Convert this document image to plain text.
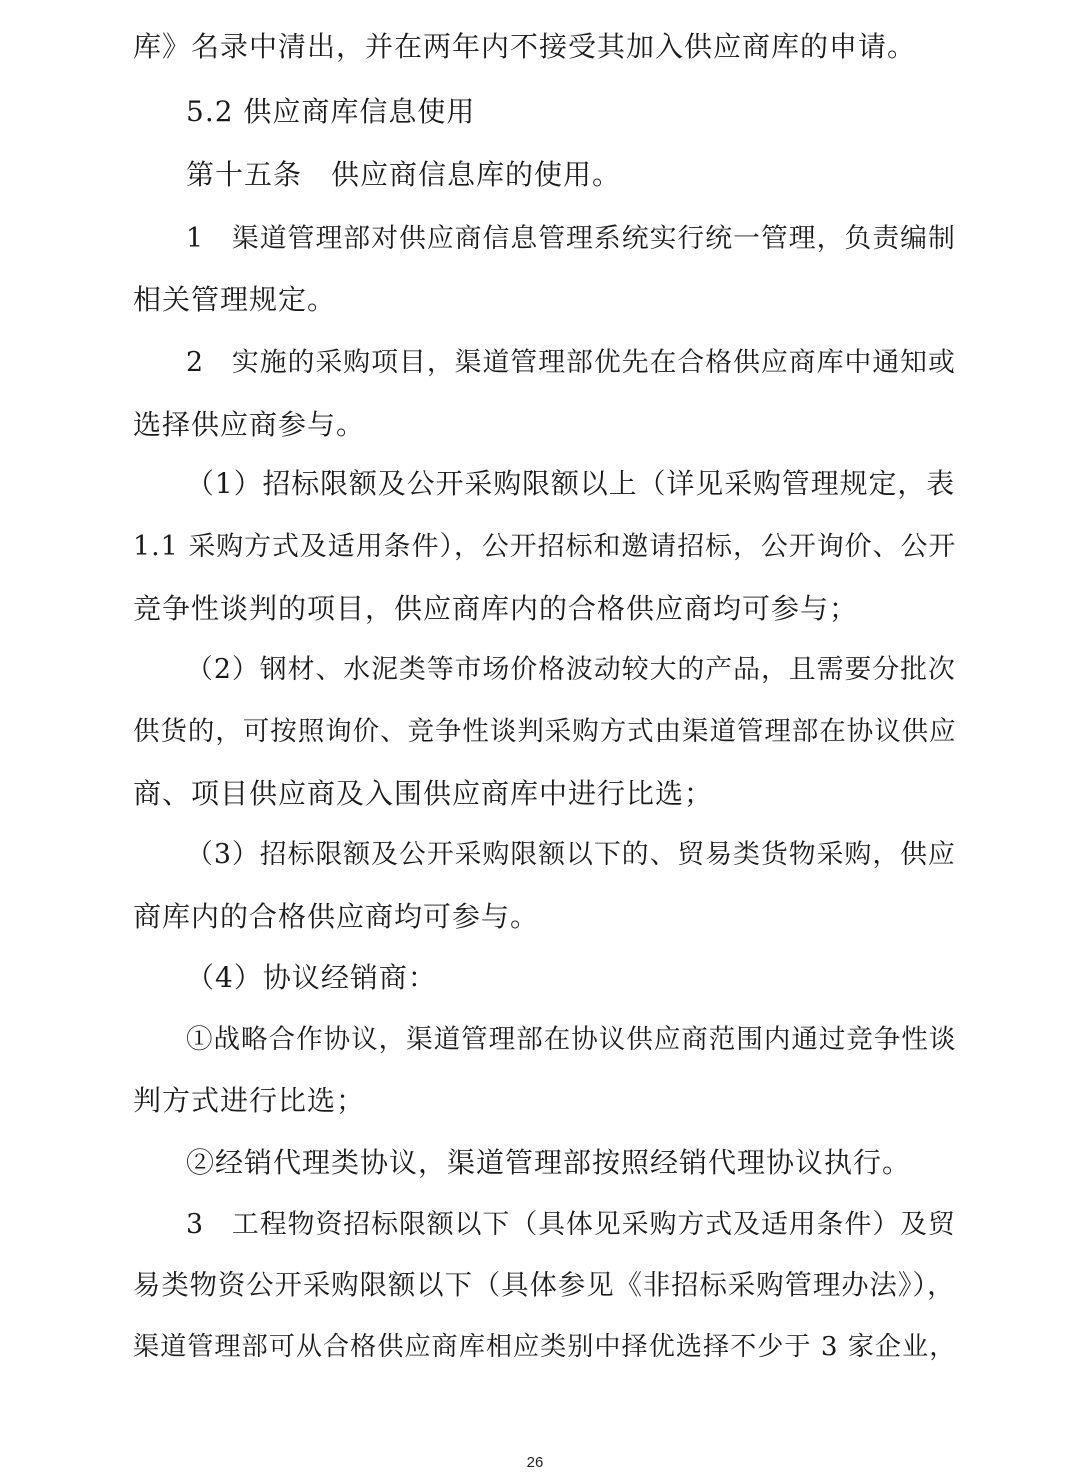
库》名录中清出，并在两年内不接受其加入供应商库的申请。
5.2 供应商库信息使用
第十五条　供应商信息库的使用。
1　渠道管理部对供应商信息管理系统实行统一管理，负责编制
相关管理规定。
2　实施的采购项目，渠道管理部优先在合格供应商库中通知或
选择供应商参与。
（1）招标限额及公开采购限额以上（详见采购管理规定，表
1.1 采购方式及适用条件），公开招标和邀请招标，公开询价、公开
竞争性谈判的项目，供应商库内的合格供应商均可参与；
（2）钢材、水泥类等市场价格波动较大的产品，且需要分批次
供货的，可按照询价、竞争性谈判采购方式由渠道管理部在协议供应
商、项目供应商及入围供应商库中进行比选；
（3）招标限额及公开采购限额以下的、贸易类货物采购，供应
商库内的合格供应商均可参与。
（4）协议经销商：
①战略合作协议，渠道管理部在协议供应商范围内通过竞争性谈
判方式进行比选；
②经销代理类协议，渠道管理部按照经销代理协议执行。
3　工程物资招标限额以下（具体见采购方式及适用条件）及贸
易类物资公开采购限额以下（具体参见《非招标采购管理办法》），
渠道管理部可从合格供应商库相应类别中择优选择不少于 3 家企业，
26
